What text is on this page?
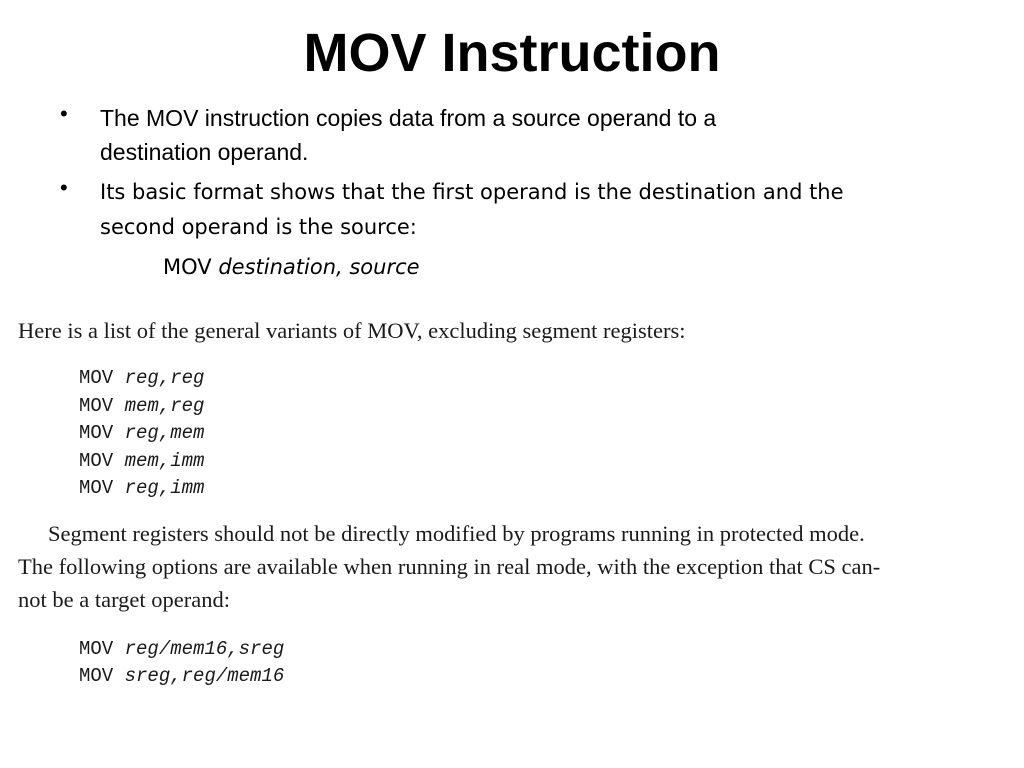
MOV Instruction
• The MOV instruction copies data from a source operand to a
destination operand.
• Its basic format shows that the first operand is the destination and the
second operand is the source:
MOV destination, source
Here is a list of the general variants of MOV, excluding segment registers:
MOV reg,reg
MOV mem,reg
MOV reg,mem
MOV mem,imm
MOV reg,imm
Segment registers should not be directly modified by programs running in protected mode.
The following options are available when running in real mode, with the exception that CS can-
not be a target operand:
MOV reg/mem16,sreg
MOV sreg,reg/mem16
